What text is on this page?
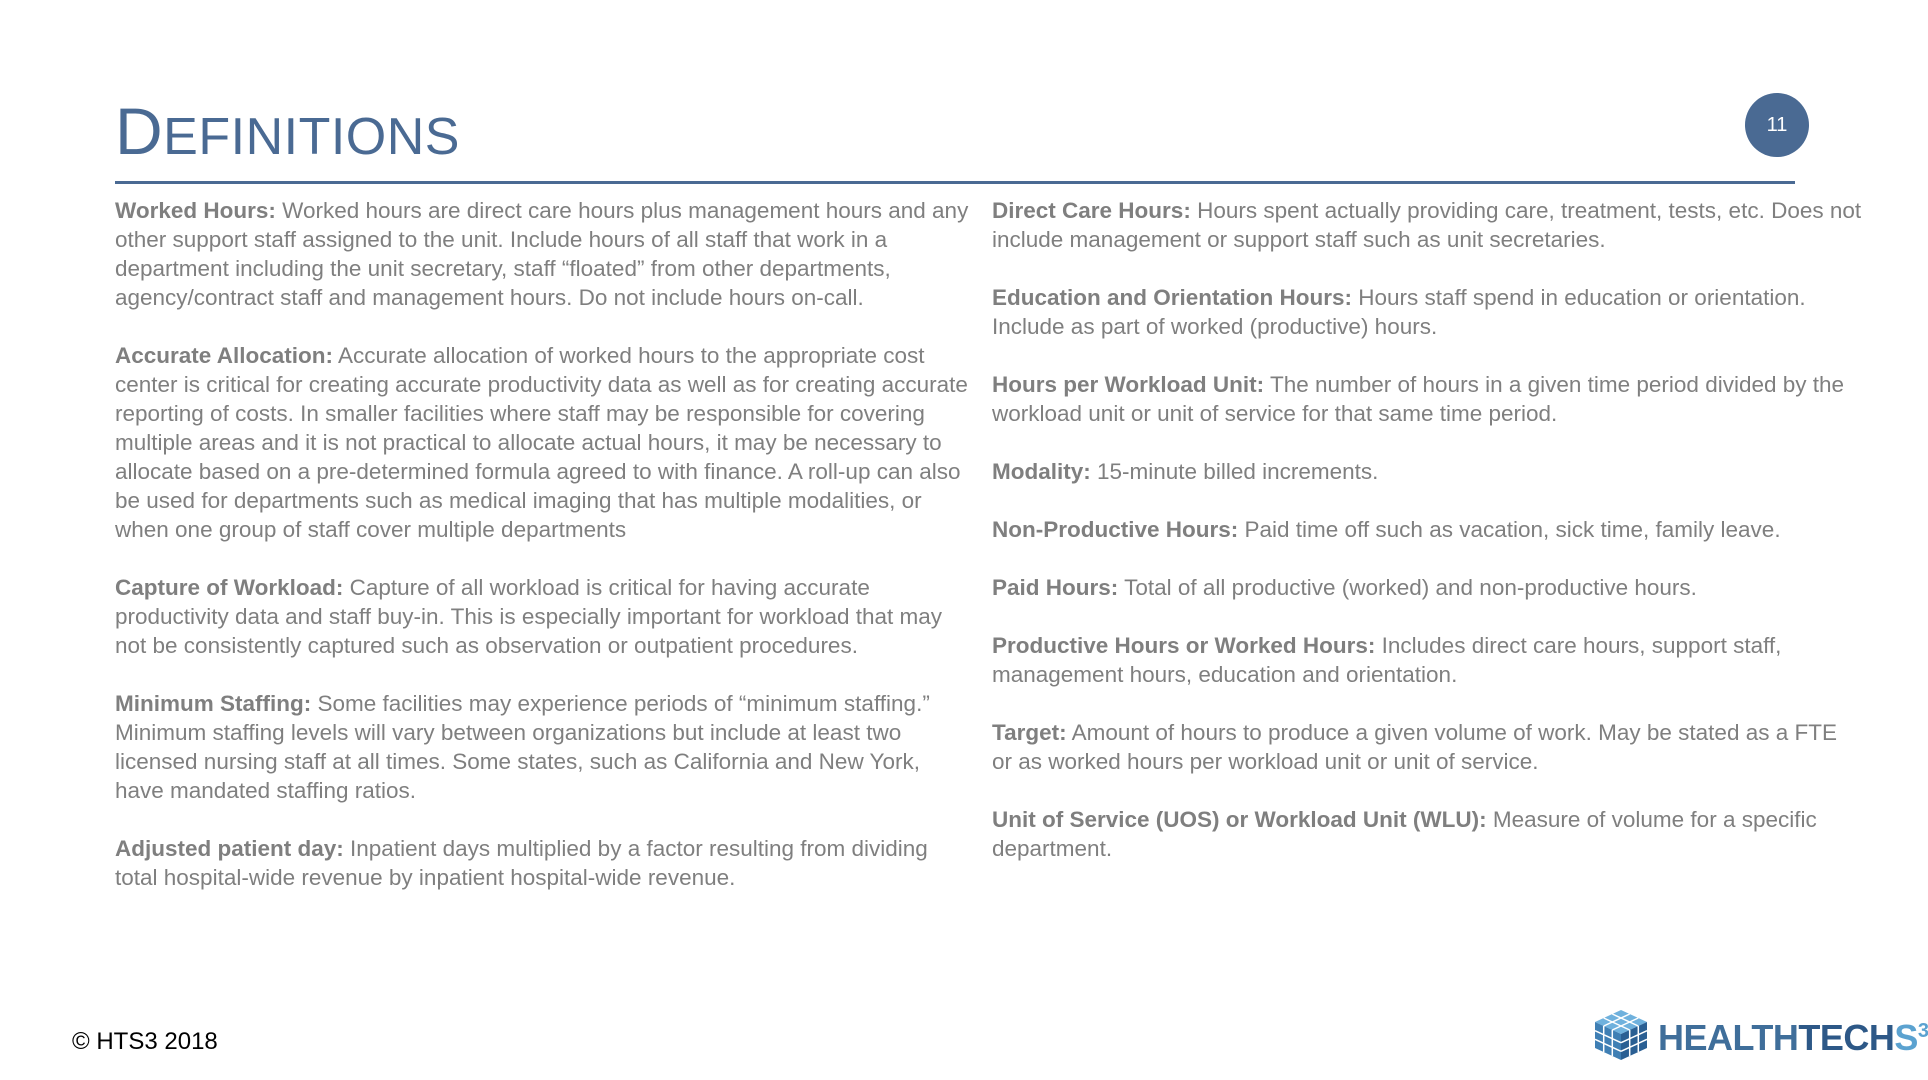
DEFINITIONS	11

Worked Hours: Worked hours are direct care hours plus management hours and any other support staff assigned to the unit. Include hours of all staff that work in a department including the unit secretary, staff “floated” from other departments, agency/contract staff and management hours. Do not include hours on-call.

Accurate Allocation: Accurate allocation of worked hours to the appropriate cost center is critical for creating accurate productivity data as well as for creating accurate reporting of costs. In smaller facilities where staff may be responsible for covering multiple areas and it is not practical to allocate actual hours, it may be necessary to allocate based on a pre-determined formula agreed to with finance. A roll-up can also be used for departments such as medical imaging that has multiple modalities, or when one group of staff cover multiple departments

Capture of Workload: Capture of all workload is critical for having accurate productivity data and staff buy-in. This is especially important for workload that may not be consistently captured such as observation or outpatient procedures.

Minimum Staffing: Some facilities may experience periods of “minimum staffing.” Minimum staffing levels will vary between organizations but include at least two licensed nursing staff at all times. Some states, such as California and New York, have mandated staffing ratios.

Adjusted patient day: Inpatient days multiplied by a factor resulting from dividing total hospital-wide revenue by inpatient hospital-wide revenue.

Direct Care Hours: Hours spent actually providing care, treatment, tests, etc. Does not include management or support staff such as unit secretaries.

Education and Orientation Hours: Hours staff spend in education or orientation. Include as part of worked (productive) hours.

Hours per Workload Unit: The number of hours in a given time period divided by the workload unit or unit of service for that same time period.

Modality: 15-minute billed increments.

Non-Productive Hours: Paid time off such as vacation, sick time, family leave.

Paid Hours: Total of all productive (worked) and non-productive hours.

Productive Hours or Worked Hours: Includes direct care hours, support staff, management hours, education and orientation.

Target: Amount of hours to produce a given volume of work. May be stated as a FTE or as worked hours per workload unit or unit of service.

Unit of Service (UOS) or Workload Unit (WLU): Measure of volume for a specific department.

© HTS3 2018	HEALTHTECHS$^3$
